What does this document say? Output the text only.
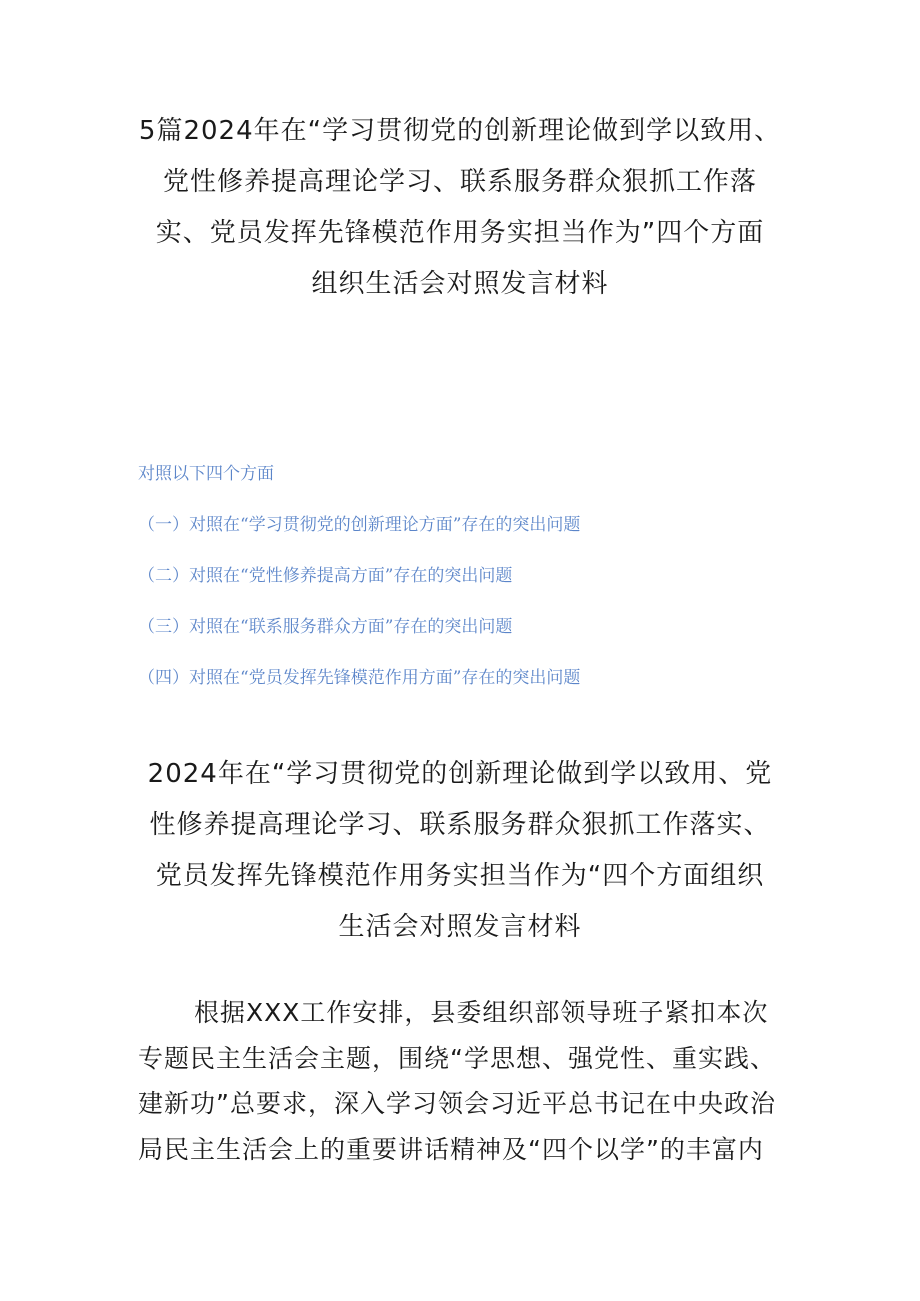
5篇2024年在“学习贯彻党的创新理论做到学以致用、
党性修养提高理论学习、联系服务群众狠抓工作落
实、党员发挥先锋模范作用务实担当作为”四个方面
组织生活会对照发言材料
对照以下四个方面
（一）对照在“学习贯彻党的创新理论方面”存在的突出问题
（二）对照在“党性修养提高方面”存在的突出问题
（三）对照在“联系服务群众方面”存在的突出问题
（四）对照在“党员发挥先锋模范作用方面”存在的突出问题
2024年在“学习贯彻党的创新理论做到学以致用、党
性修养提高理论学习、联系服务群众狠抓工作落实、
党员发挥先锋模范作用务实担当作为“四个方面组织
生活会对照发言材料
根据XXX工作安排，县委组织部领导班子紧扣本次
专题民主生活会主题，围绕“学思想、强党性、重实践、
建新功”总要求，深入学习领会习近平总书记在中央政治
局民主生活会上的重要讲话精神及“四个以学”的丰富内
